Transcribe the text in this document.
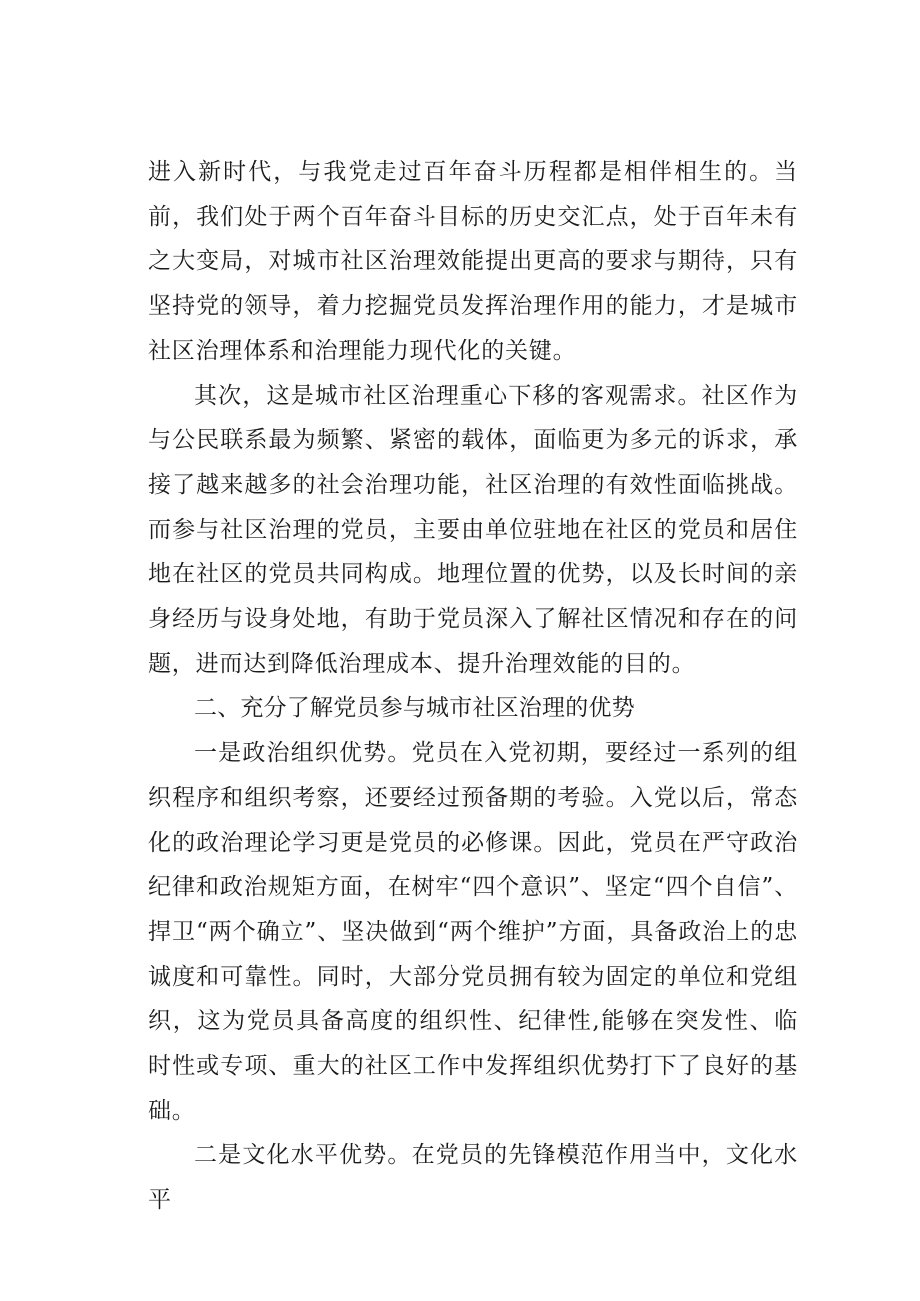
进入新时代，与我党走过百年奋斗历程都是相伴相生的。当前，我们处于两个百年奋斗目标的历史交汇点，处于百年未有之大变局，对城市社区治理效能提出更高的要求与期待，只有坚持党的领导，着力挖掘党员发挥治理作用的能力，才是城市社区治理体系和治理能力现代化的关键。

其次，这是城市社区治理重心下移的客观需求。社区作为与公民联系最为频繁、紧密的载体，面临更为多元的诉求，承接了越来越多的社会治理功能，社区治理的有效性面临挑战。而参与社区治理的党员，主要由单位驻地在社区的党员和居住地在社区的党员共同构成。地理位置的优势，以及长时间的亲身经历与设身处地，有助于党员深入了解社区情况和存在的问题，进而达到降低治理成本、提升治理效能的目的。

二、充分了解党员参与城市社区治理的优势

一是政治组织优势。党员在入党初期，要经过一系列的组织程序和组织考察，还要经过预备期的考验。入党以后，常态化的政治理论学习更是党员的必修课。因此，党员在严守政治纪律和政治规矩方面，在树牢“四个意识”、坚定“四个自信”、捍卫“两个确立”、坚决做到“两个维护”方面，具备政治上的忠诚度和可靠性。同时，大部分党员拥有较为固定的单位和党组织，这为党员具备高度的组织性、纪律性,能够在突发性、临时性或专项、重大的社区工作中发挥组织优势打下了良好的基础。

二是文化水平优势。在党员的先锋模范作用当中，文化水平
